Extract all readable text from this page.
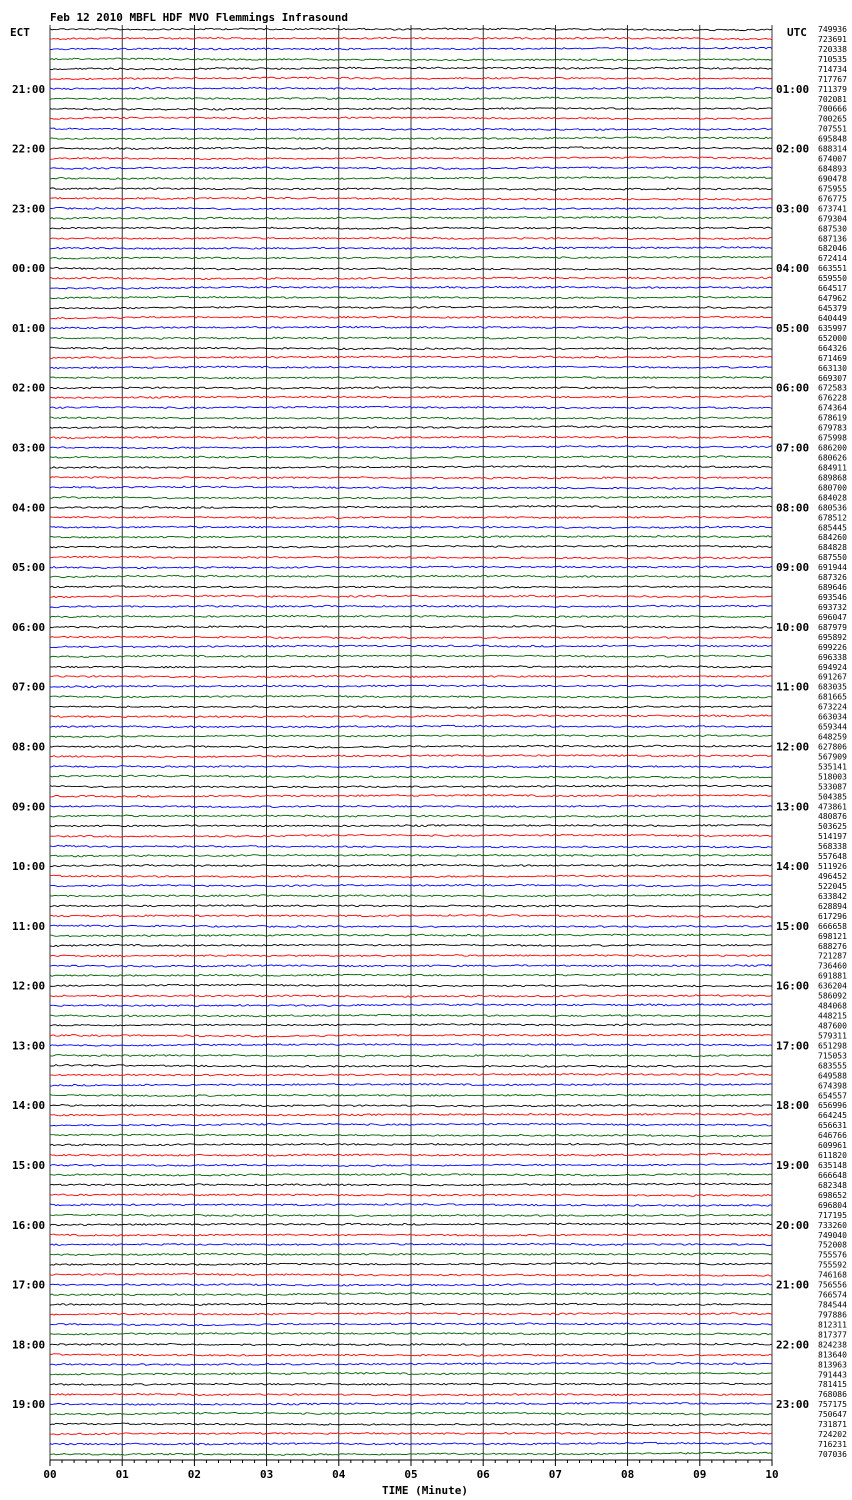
Feb 12 2010 MBFL HDF MVO Flemmings Infrasound
ECT	UTC
21:00
22:00
23:00
00:00
01:00
02:00
03:00
04:00
05:00
06:00
07:00
08:00
09:00
10:00
11:00
12:00
13:00
14:00
15:00
16:00
17:00
18:00
19:00
01:00
02:00
03:00
04:00
05:00
06:00
07:00
08:00
09:00
10:00
11:00
12:00
13:00
14:00
15:00
16:00
17:00
18:00
19:00
20:00
21:00
22:00
23:00
749936
723691
720338
710535
714734
717767
711379
702081
700666
700265
707551
695848
688314
674007
684893
690478
675955
676775
673741
679304
687530
687136
682046
672414
663551
659550
664517
647962
645379
640449
635997
652000
664326
671469
663130
669307
672583
676228
674364
678619
679783
675998
686200
680626
684911
689868
680700
684028
680536
678512
685445
684260
684828
687550
691944
687326
689646
693546
693732
696047
687979
695892
699226
696338
694924
691267
683035
681665
673224
663034
659344
648259
627806
567909
535141
518003
533087
504385
473861
480876
503625
514197
568338
557648
511926
496452
522045
633842
628894
617296
666658
698121
688276
721287
736460
691881
636204
586092
484068
448215
487600
579311
651298
715053
683555
649588
674398
654557
656996
664245
656631
646766
609961
611820
635148
666648
682348
698652
696804
717195
733260
749040
752008
755576
755592
746168
756556
766574
784544
797886
812311
817377
824238
813640
813963
791443
781415
768086
757175
750647
731871
724202
716231
707036
00	01	02	03	04	05	06	07	08	09	10
TIME (Minute)
